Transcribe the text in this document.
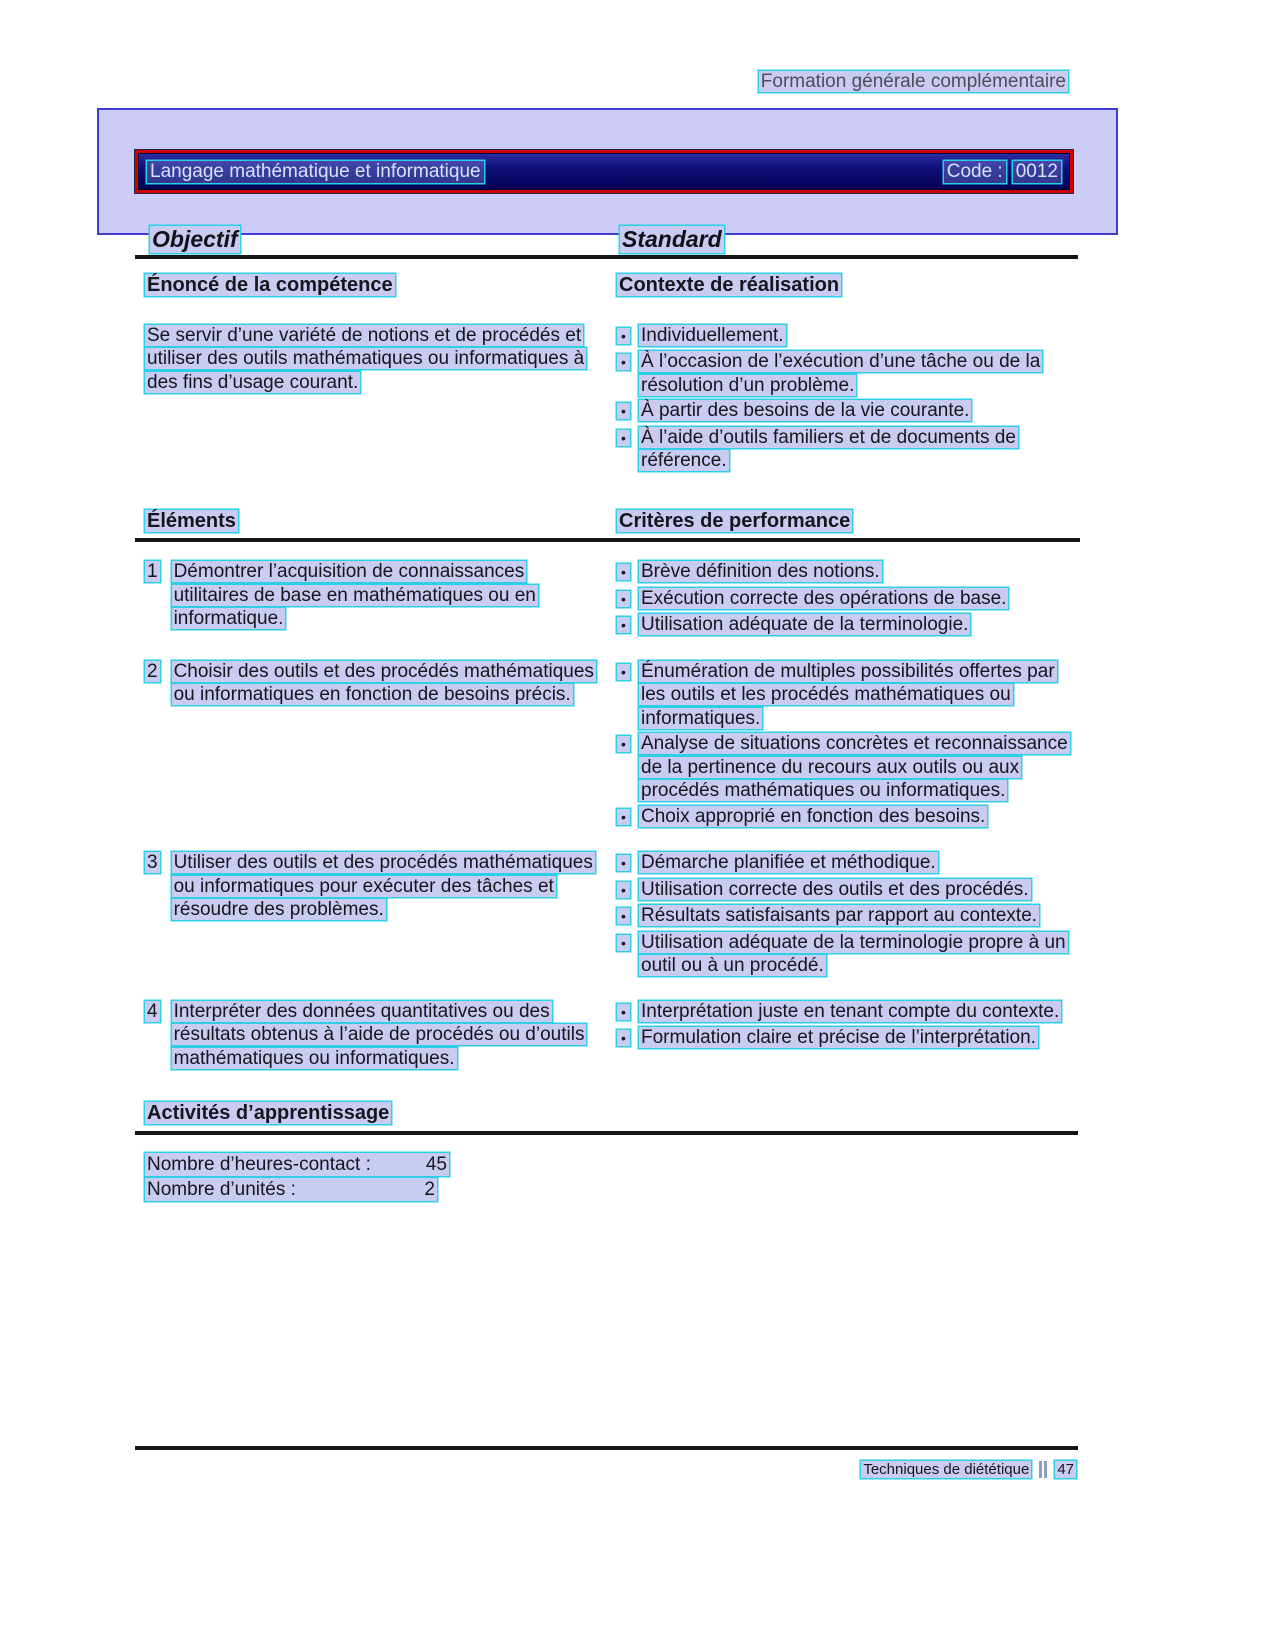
Formation générale complémentaire
Langage mathématique et informatique	Code : 0012
Objectif	Standard
Énoncé de la compétence

Se servir d’une variété de notions et de procédés et utiliser des outils mathématiques ou informatiques à des fins d’usage courant.

Contexte de réalisation
• Individuellement.
• À l’occasion de l’exécution d’une tâche ou de la résolution d’un problème.
• À partir des besoins de la vie courante.
• À l’aide d’outils familiers et de documents de référence.
Éléments	Critères de performance
1 Démontrer l’acquisition de connaissances utilitaires de base en mathématiques ou en informatique.
• Brève définition des notions.
• Exécution correcte des opérations de base.
• Utilisation adéquate de la terminologie.
2 Choisir des outils et des procédés mathématiques ou informatiques en fonction de besoins précis.
• Énumération de multiples possibilités offertes par les outils et les procédés mathématiques ou informatiques.
• Analyse de situations concrètes et reconnaissance de la pertinence du recours aux outils ou aux procédés mathématiques ou informatiques.
• Choix approprié en fonction des besoins.
3 Utiliser des outils et des procédés mathématiques ou informatiques pour exécuter des tâches et résoudre des problèmes.
• Démarche planifiée et méthodique.
• Utilisation correcte des outils et des procédés.
• Résultats satisfaisants par rapport au contexte.
• Utilisation adéquate de la terminologie propre à un outil ou à un procédé.
4 Interpréter des données quantitatives ou des résultats obtenus à l’aide de procédés ou d’outils mathématiques ou informatiques.
• Interprétation juste en tenant compte du contexte.
• Formulation claire et précise de l’interprétation.
Activités d’apprentissage
Nombre d’heures-contact :	45
Nombre d’unités :	2
Techniques de diététique 47
